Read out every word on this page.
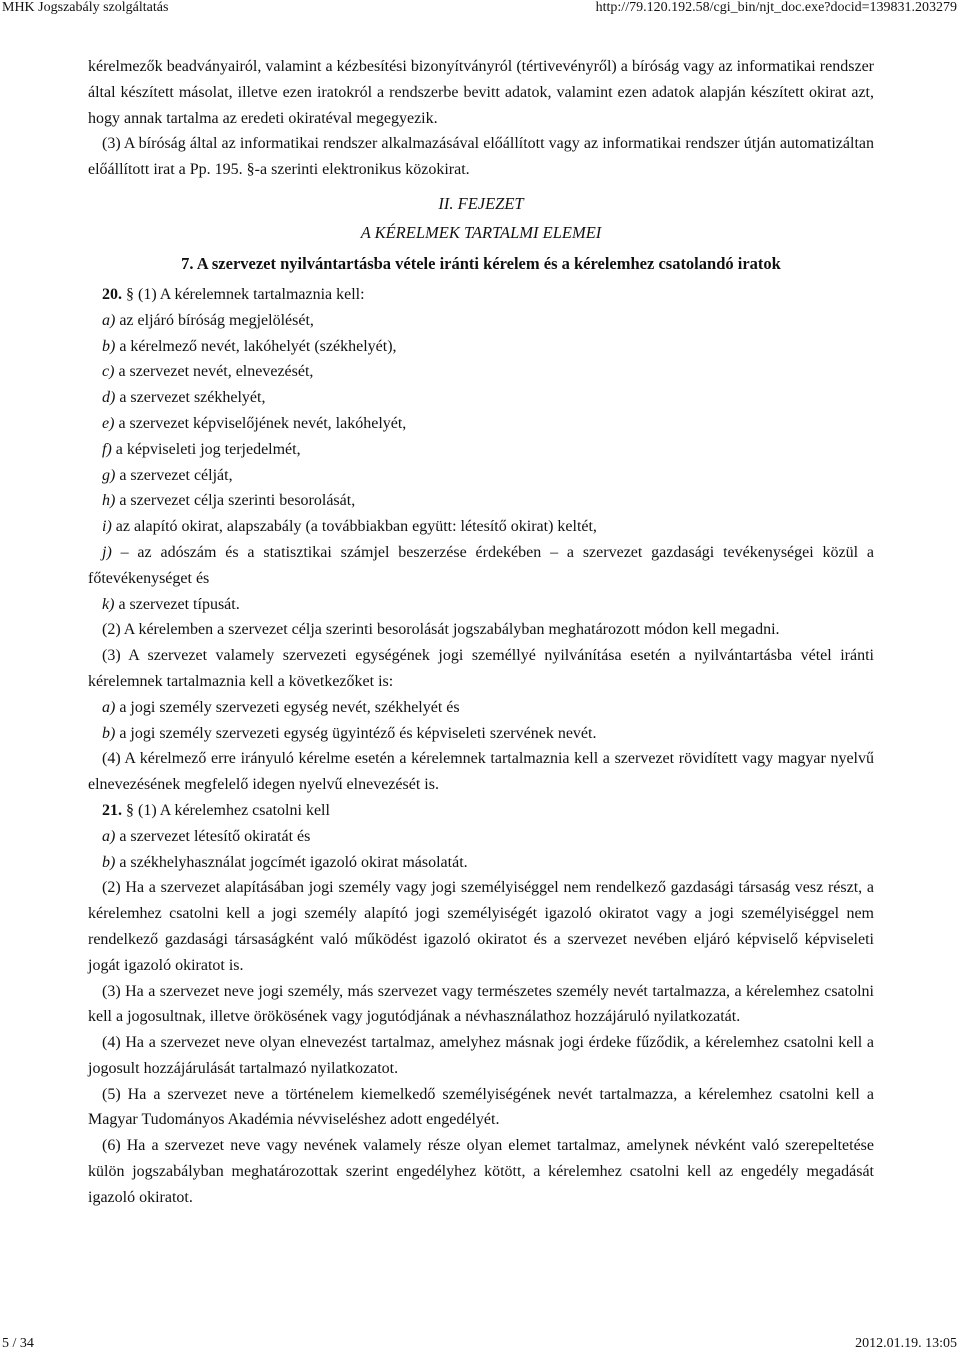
MHK Jogszabály szolgáltatás	http://79.120.192.58/cgi_bin/njt_doc.exe?docid=139831.203279

kérelmezők beadványairól, valamint a kézbesítési bizonyítványról (tértivevényről) a bíróság vagy az informatikai rendszer által készített másolat, illetve ezen iratokról a rendszerbe bevitt adatok, valamint ezen adatok alapján készített okirat azt, hogy annak tartalma az eredeti okiratéval megegyezik.

(3) A bíróság által az informatikai rendszer alkalmazásával előállított vagy az informatikai rendszer útján automatizáltan előállított irat a Pp. 195. §-a szerinti elektronikus közokirat.

II. FEJEZET

A KÉRELMEK TARTALMI ELEMEI

7. A szervezet nyilvántartásba vétele iránti kérelem és a kérelemhez csatolandó iratok

20. § (1) A kérelemnek tartalmaznia kell:

a) az eljáró bíróság megjelölését,

b) a kérelmező nevét, lakóhelyét (székhelyét),

c) a szervezet nevét, elnevezését,

d) a szervezet székhelyét,

e) a szervezet képviselőjének nevét, lakóhelyét,

f) a képviseleti jog terjedelmét,

g) a szervezet célját,

h) a szervezet célja szerinti besorolását,

i) az alapító okirat, alapszabály (a továbbiakban együtt: létesítő okirat) keltét,

j) – az adószám és a statisztikai számjel beszerzése érdekében – a szervezet gazdasági tevékenységei közül a főtevékenységet és

k) a szervezet típusát.

(2) A kérelemben a szervezet célja szerinti besorolását jogszabályban meghatározott módon kell megadni.

(3) A szervezet valamely szervezeti egységének jogi személlyé nyilvánítása esetén a nyilvántartásba vétel iránti kérelemnek tartalmaznia kell a következőket is:

a) a jogi személy szervezeti egység nevét, székhelyét és

b) a jogi személy szervezeti egység ügyintéző és képviseleti szervének nevét.

(4) A kérelmező erre irányuló kérelme esetén a kérelemnek tartalmaznia kell a szervezet rövidített vagy magyar nyelvű elnevezésének megfelelő idegen nyelvű elnevezését is.

21. § (1) A kérelemhez csatolni kell

a) a szervezet létesítő okiratát és

b) a székhelyhasználat jogcímét igazoló okirat másolatát.

(2) Ha a szervezet alapításában jogi személy vagy jogi személyiséggel nem rendelkező gazdasági társaság vesz részt, a kérelemhez csatolni kell a jogi személy alapító jogi személyiségét igazoló okiratot vagy a jogi személyiséggel nem rendelkező gazdasági társaságként való működést igazoló okiratot és a szervezet nevében eljáró képviselő képviseleti jogát igazoló okiratot is.

(3) Ha a szervezet neve jogi személy, más szervezet vagy természetes személy nevét tartalmazza, a kérelemhez csatolni kell a jogosultnak, illetve örökösének vagy jogutódjának a névhasználathoz hozzájáruló nyilatkozatát.

(4) Ha a szervezet neve olyan elnevezést tartalmaz, amelyhez másnak jogi érdeke fűződik, a kérelemhez csatolni kell a jogosult hozzájárulását tartalmazó nyilatkozatot.

(5) Ha a szervezet neve a történelem kiemelkedő személyiségének nevét tartalmazza, a kérelemhez csatolni kell a Magyar Tudományos Akadémia névviseléshez adott engedélyét.

(6) Ha a szervezet neve vagy nevének valamely része olyan elemet tartalmaz, amelynek névként való szerepeltetése külön jogszabályban meghatározottak szerint engedélyhez kötött, a kérelemhez csatolni kell az engedély megadását igazoló okiratot.

5 / 34	2012.01.19. 13:05
